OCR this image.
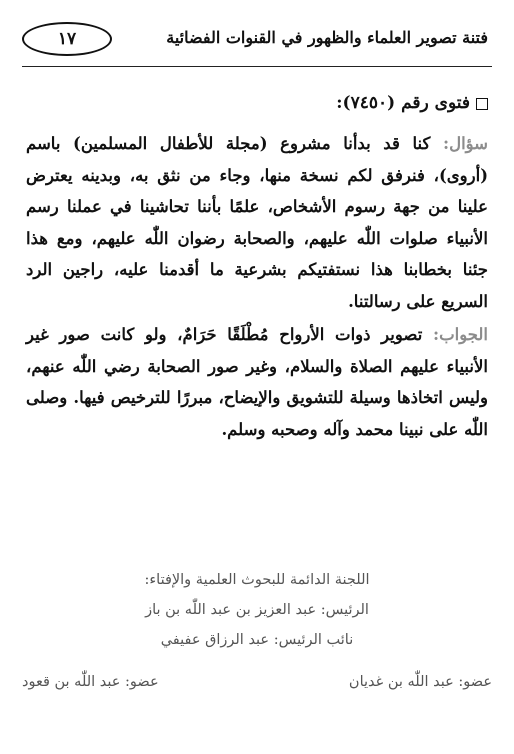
فتنة تصوير العلماء والظهور في القنوات الفضائية
١٧
فتوى رقم (٧٤٥٠):

سؤال: كنا قد بدأنا مشروع (مجلة للأطفال المسلمين) باسم (أروى)، فنرفق لكم نسخة منها، وجاء من نثق به، وبدينه يعترض علينا من جهة رسوم الأشخاص، علمًا بأننا تحاشينا في عملنا رسم الأنبياء صلوات اللّٰه عليهم، والصحابة رضوان اللّٰه عليهم، ومع هذا جئنا بخطابنا هذا نستفتيكم بشرعية ما أقدمنا عليه، راجين الرد السريع على رسالتنا.

الجواب: تصوير ذوات الأرواح مُطْلَقًا حَرَامٌ، ولو كانت صور غير الأنبياء عليهم الصلاة والسلام، وغير صور الصحابة رضي اللّٰه عنهم، وليس اتخاذها وسيلة للتشويق والإيضاح، مبررًا للترخيص فيها. وصلى اللّٰه على نبينا محمد وآله وصحبه وسلم.

اللجنة الدائمة للبحوث العلمية والإفتاء:
الرئيس: عبد العزيز بن عبد اللّٰه بن باز
نائب الرئيس: عبد الرزاق عفيفي
عضو: عبد اللّٰه بن غديان
عضو: عبد اللّٰه بن قعود
